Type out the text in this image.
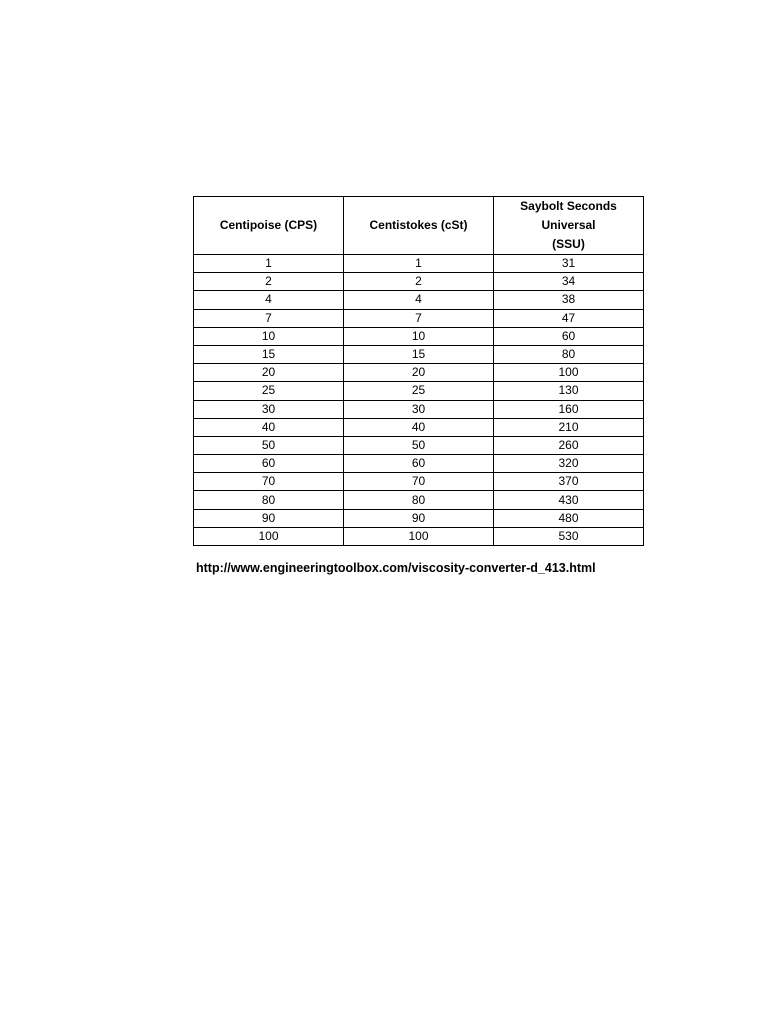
Centipoise (CPS)	Centistokes (cSt)	Saybolt Seconds
Universal
(SSU)

1	1	31
2	2	34
4	4	38
7	7	47
10	10	60
15	15	80
20	20	100
25	25	130
30	30	160
40	40	210
50	50	260
60	60	320
70	70	370
80	80	430
90	90	480
100	100	530
http://www.engineeringtoolbox.com/viscosity-converter-d_413.html
